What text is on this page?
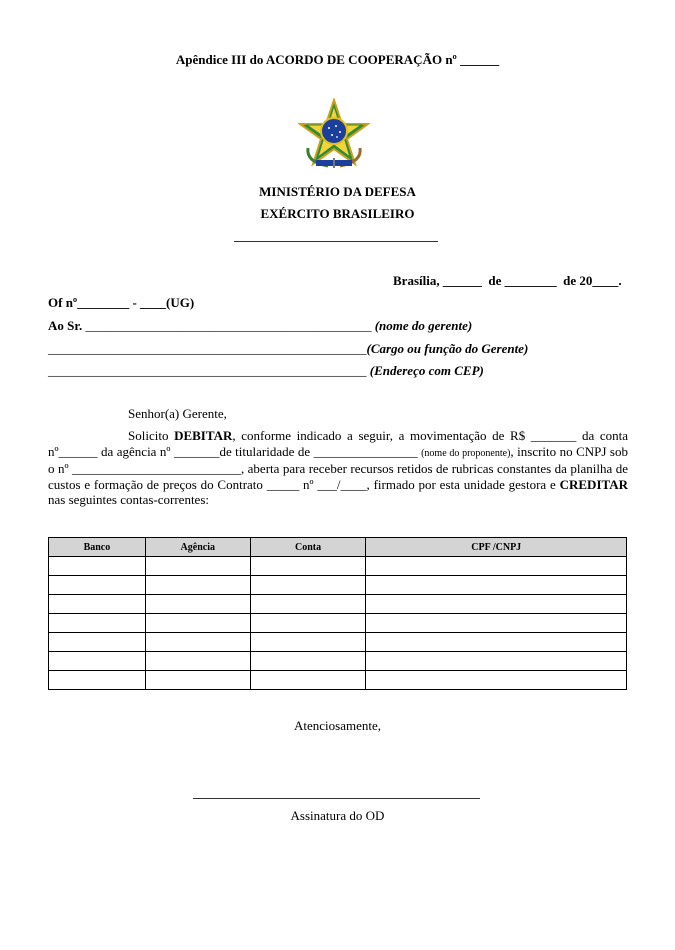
Apêndice III do ACORDO DE COOPERAÇÃO nº ______
MINISTÉRIO DA DEFESA
EXÉRCITO BRASILEIRO
Brasília, ______  de ________  de 20____.
Of nº________ - ____(UG)
Ao Sr. ____________________________________________ (nome do gerente)
_________________________________________________(Cargo ou função do Gerente)
_________________________________________________ (Endereço com CEP)
Senhor(a) Gerente,
Solicito DEBITAR, conforme indicado a seguir, a movimentação de R$ _______ da conta nº______ da agência nº _______de titularidade de ________________ (nome do proponente), inscrito no CNPJ sob o nº __________________________, aberta para receber recursos retidos de rubricas constantes da planilha de custos e formação de preços do Contrato _____ nº ___/____, firmado por esta unidade gestora e CREDITAR nas seguintes contas-correntes:
Banco	Agência	Conta	CPF /CNPJ

Atenciosamente,
Assinatura do OD
